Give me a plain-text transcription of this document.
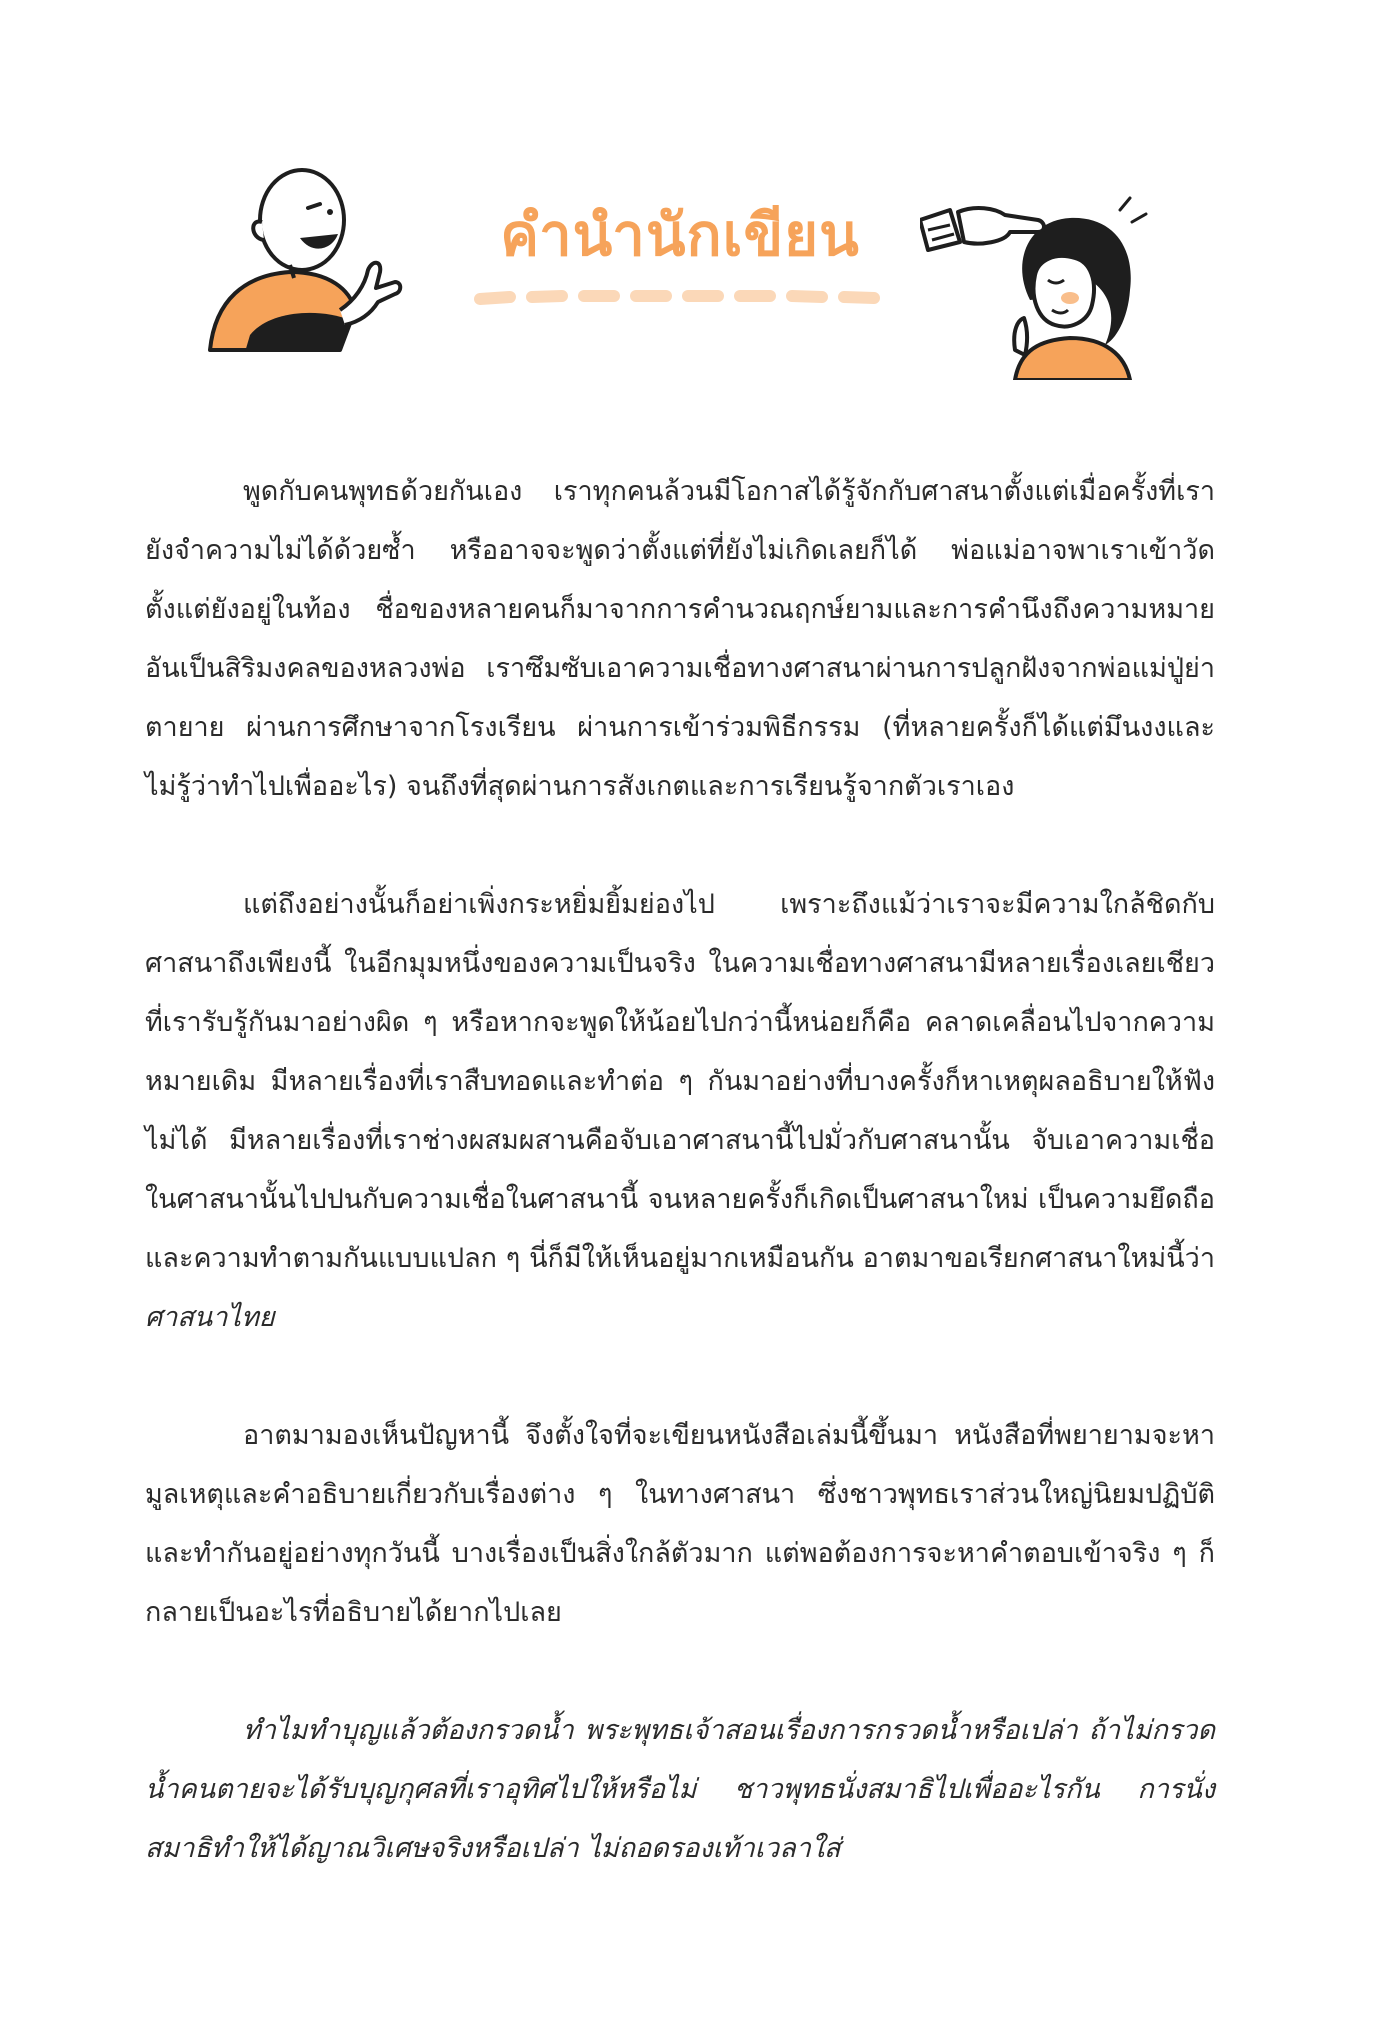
คำนำนักเขียน

พูดกับคนพุทธด้วยกันเอง เราทุกคนล้วนมีโอกาสได้รู้จักกับศาสนาตั้งแต่เมื่อครั้งที่เรายังจำความไม่ได้ด้วยซ้ำ หรืออาจจะพูดว่าตั้งแต่ที่ยังไม่เกิดเลยก็ได้ พ่อแม่อาจพาเราเข้าวัดตั้งแต่ยังอยู่ในท้อง ชื่อของหลายคนก็มาจากการคำนวณฤกษ์ยามและการคำนึงถึงความหมายอันเป็นสิริมงคลของหลวงพ่อ เราซึมซับเอาความเชื่อทางศาสนาผ่านการปลูกฝังจากพ่อแม่ปู่ย่าตายาย ผ่านการศึกษาจากโรงเรียน ผ่านการเข้าร่วมพิธีกรรม (ที่หลายครั้งก็ได้แต่มึนงงและไม่รู้ว่าทำไปเพื่ออะไร) จนถึงที่สุดผ่านการสังเกตและการเรียนรู้จากตัวเราเอง

แต่ถึงอย่างนั้นก็อย่าเพิ่งกระหยิ่มยิ้มย่องไป เพราะถึงแม้ว่าเราจะมีความใกล้ชิดกับศาสนาถึงเพียงนี้ ในอีกมุมหนึ่งของความเป็นจริง ในความเชื่อทางศาสนามีหลายเรื่องเลยเชียว ที่เรารับรู้กันมาอย่างผิด ๆ หรือหากจะพูดให้น้อยไปกว่านี้หน่อยก็คือ คลาดเคลื่อนไปจากความหมายเดิม มีหลายเรื่องที่เราสืบทอดและทำต่อ ๆ กันมาอย่างที่บางครั้งก็หาเหตุผลอธิบายให้ฟังไม่ได้ มีหลายเรื่องที่เราช่างผสมผสานคือจับเอาศาสนานี้ไปมั่วกับศาสนานั้น จับเอาความเชื่อในศาสนานั้นไปปนกับความเชื่อในศาสนานี้ จนหลายครั้งก็เกิดเป็นศาสนาใหม่ เป็นความยึดถือและความทำตามกันแบบแปลก ๆ นี่ก็มีให้เห็นอยู่มากเหมือนกัน อาตมาขอเรียกศาสนาใหม่นี้ว่า ศาสนาไทย

อาตมามองเห็นปัญหานี้ จึงตั้งใจที่จะเขียนหนังสือเล่มนี้ขึ้นมา หนังสือที่พยายามจะหามูลเหตุและคำอธิบายเกี่ยวกับเรื่องต่าง ๆ ในทางศาสนา ซึ่งชาวพุทธเราส่วนใหญ่นิยมปฏิบัติและทำกันอยู่อย่างทุกวันนี้ บางเรื่องเป็นสิ่งใกล้ตัวมาก แต่พอต้องการจะหาคำตอบเข้าจริง ๆ ก็กลายเป็นอะไรที่อธิบายได้ยากไปเลย

ทำไมทำบุญแล้วต้องกรวดน้ำ พระพุทธเจ้าสอนเรื่องการกรวดน้ำหรือเปล่า ถ้าไม่กรวดน้ำคนตายจะได้รับบุญกุศลที่เราอุทิศไปให้หรือไม่ ชาวพุทธนั่งสมาธิไปเพื่ออะไรกัน การนั่งสมาธิทำให้ได้ญาณวิเศษจริงหรือเปล่า ไม่ถอดรองเท้าเวลาใส่
